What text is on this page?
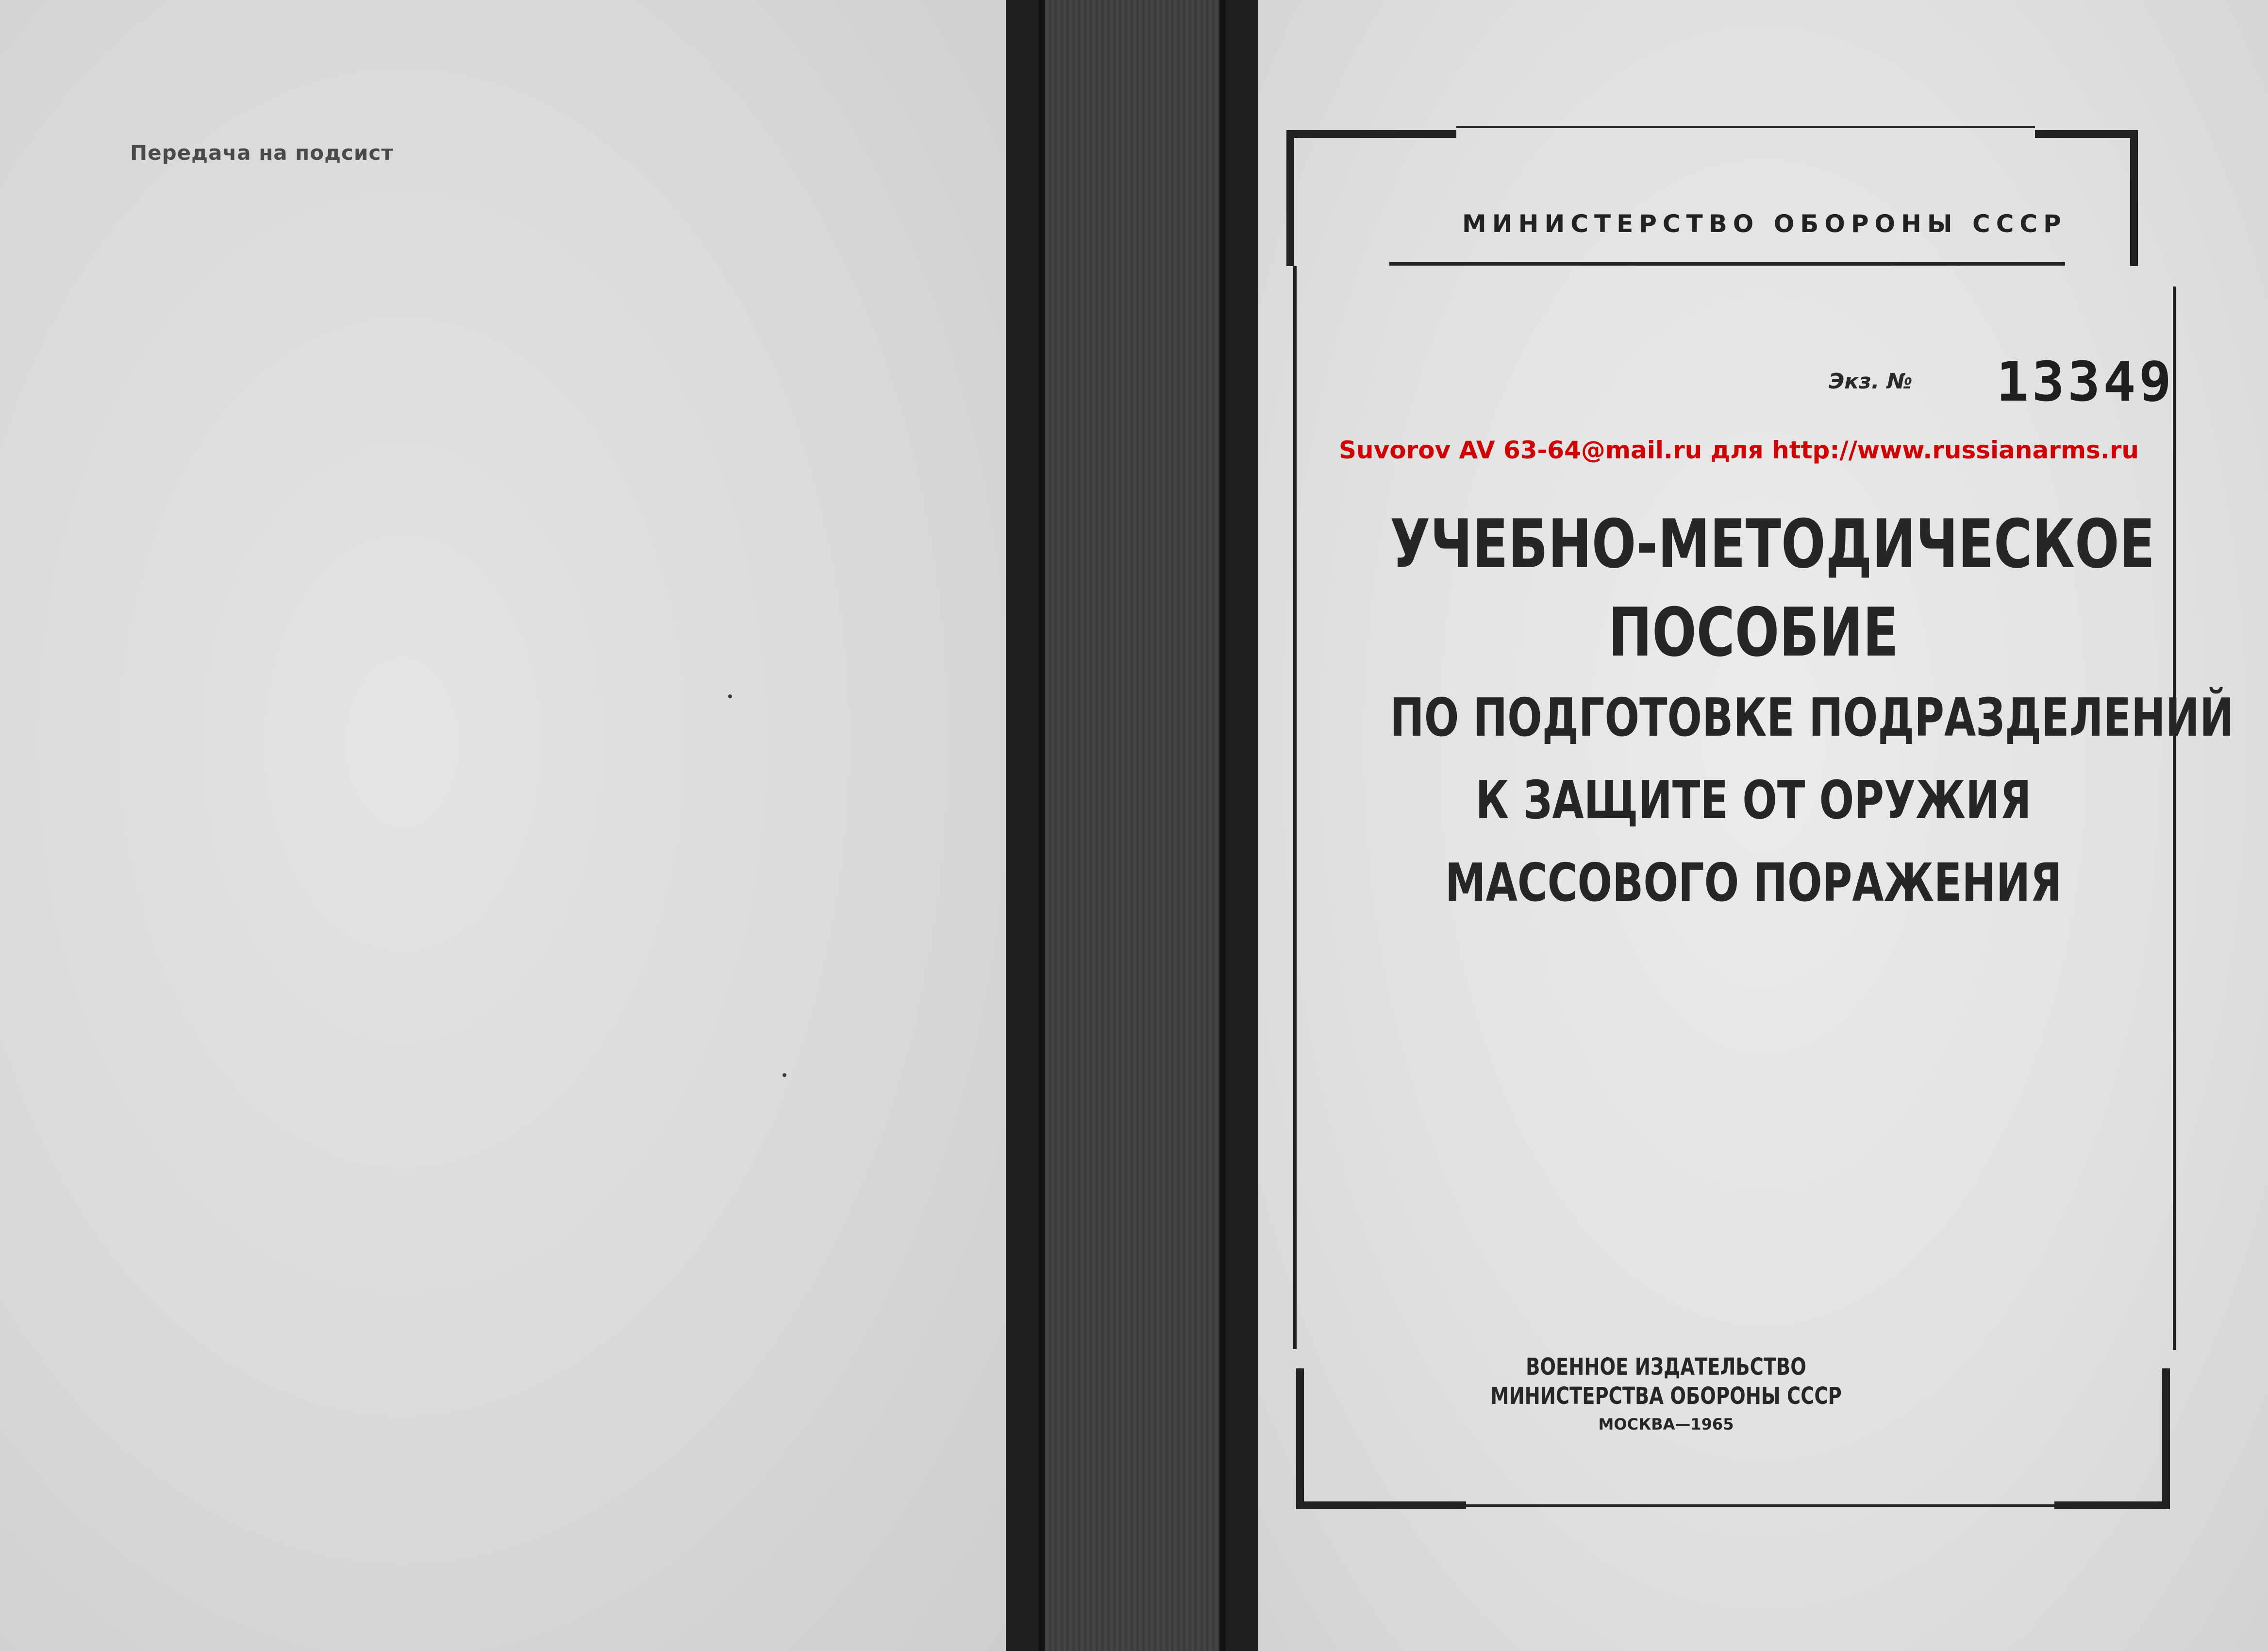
Передача на подсист
МИНИСТЕРСТВО ОБОРОНЫ СССР
Экз. № 13349
Suvorov AV 63-64@mail.ru для http://www.russianarms.ru
УЧЕБНО-МЕТОДИЧЕСКОЕ
ПОСОБИЕ
ПО ПОДГОТОВКЕ ПОДРАЗДЕЛЕНИЙ
К ЗАЩИТЕ ОТ ОРУЖИЯ
МАССОВОГО ПОРАЖЕНИЯ
ВОЕННОЕ ИЗДАТЕЛЬСТВО
МИНИСТЕРСТВА ОБОРОНЫ СССР
МОСКВА—1965
